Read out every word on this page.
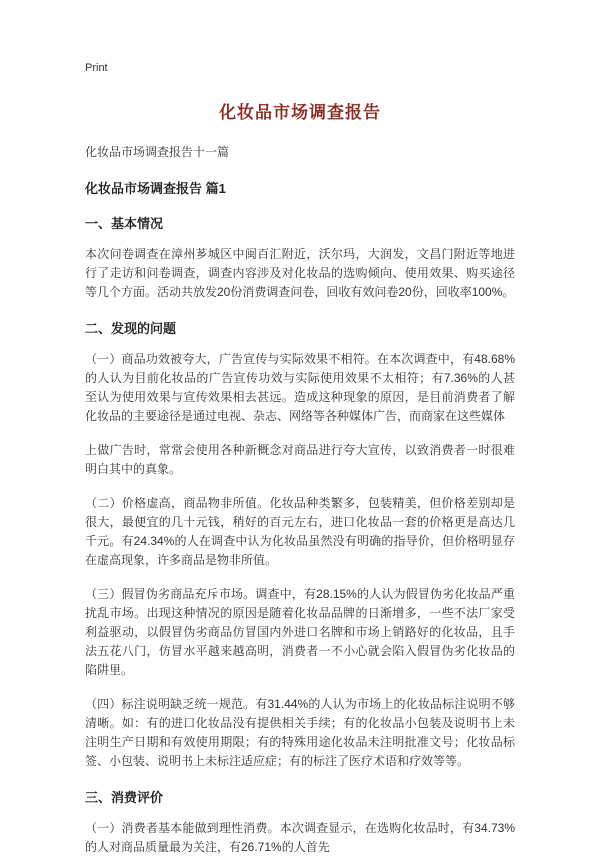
Print
化妆品市场调查报告
化妆品市场调查报告十一篇
化妆品市场调查报告 篇1
一、基本情况

本次问卷调查在漳州芗城区中闽百汇附近，沃尔玛，大润发，文昌门附近等地进行了走访和问卷调查，调查内容涉及对化妆品的选购倾向、使用效果、购买途径等几个方面。活动共放发20份消费调查问卷，回收有效问卷20份，回收率100%。

二、发现的问题

（一）商品功效被夸大，广告宣传与实际效果不相符。在本次调查中，有48.68%的人认为目前化妆品的广告宣传功效与实际使用效果不太相符；有7.36%的人甚至认为使用效果与宣传效果相去甚远。造成这种现象的原因，是目前消费者了解化妆品的主要途径是通过电视、杂志、网络等各种媒体广告，而商家在这些媒体

上做广告时，常常会使用各种新概念对商品进行夸大宣传，以致消费者一时很难明白其中的真象。

（二）价格虚高，商品物非所值。化妆品种类繁多，包装精美，但价格差别却是很大，最便宜的几十元钱，稍好的百元左右，进口化妆品一套的价格更是高达几千元。有24.34%的人在调查中认为化妆品虽然没有明确的指导价，但价格明显存在虚高现象，许多商品是物非所值。

（三）假冒伪劣商品充斥市场。调查中，有28.15%的人认为假冒伪劣化妆品严重扰乱市场。出现这种情况的原因是随着化妆品品牌的日渐增多，一些不法厂家受利益驱动，以假冒伪劣商品仿冒国内外进口名牌和市场上销路好的化妆品，且手法五花八门，仿冒水平越来越高明，消费者一不小心就会陷入假冒伪劣化妆品的陷阱里。

（四）标注说明缺乏统一规范。有31.44%的人认为市场上的化妆品标注说明不够清晰。如：有的进口化妆品没有提供相关手续；有的化妆品小包装及说明书上未注明生产日期和有效使用期限；有的特殊用途化妆品未注明批准文号；化妆品标签、小包装、说明书上未标注适应症；有的标注了医疗术语和疗效等等。

三、消费评价

（一）消费者基本能做到理性消费。本次调查显示，在选购化妆品时，有34.73%的人对商品质量最为关注，有26.71%的人首先
